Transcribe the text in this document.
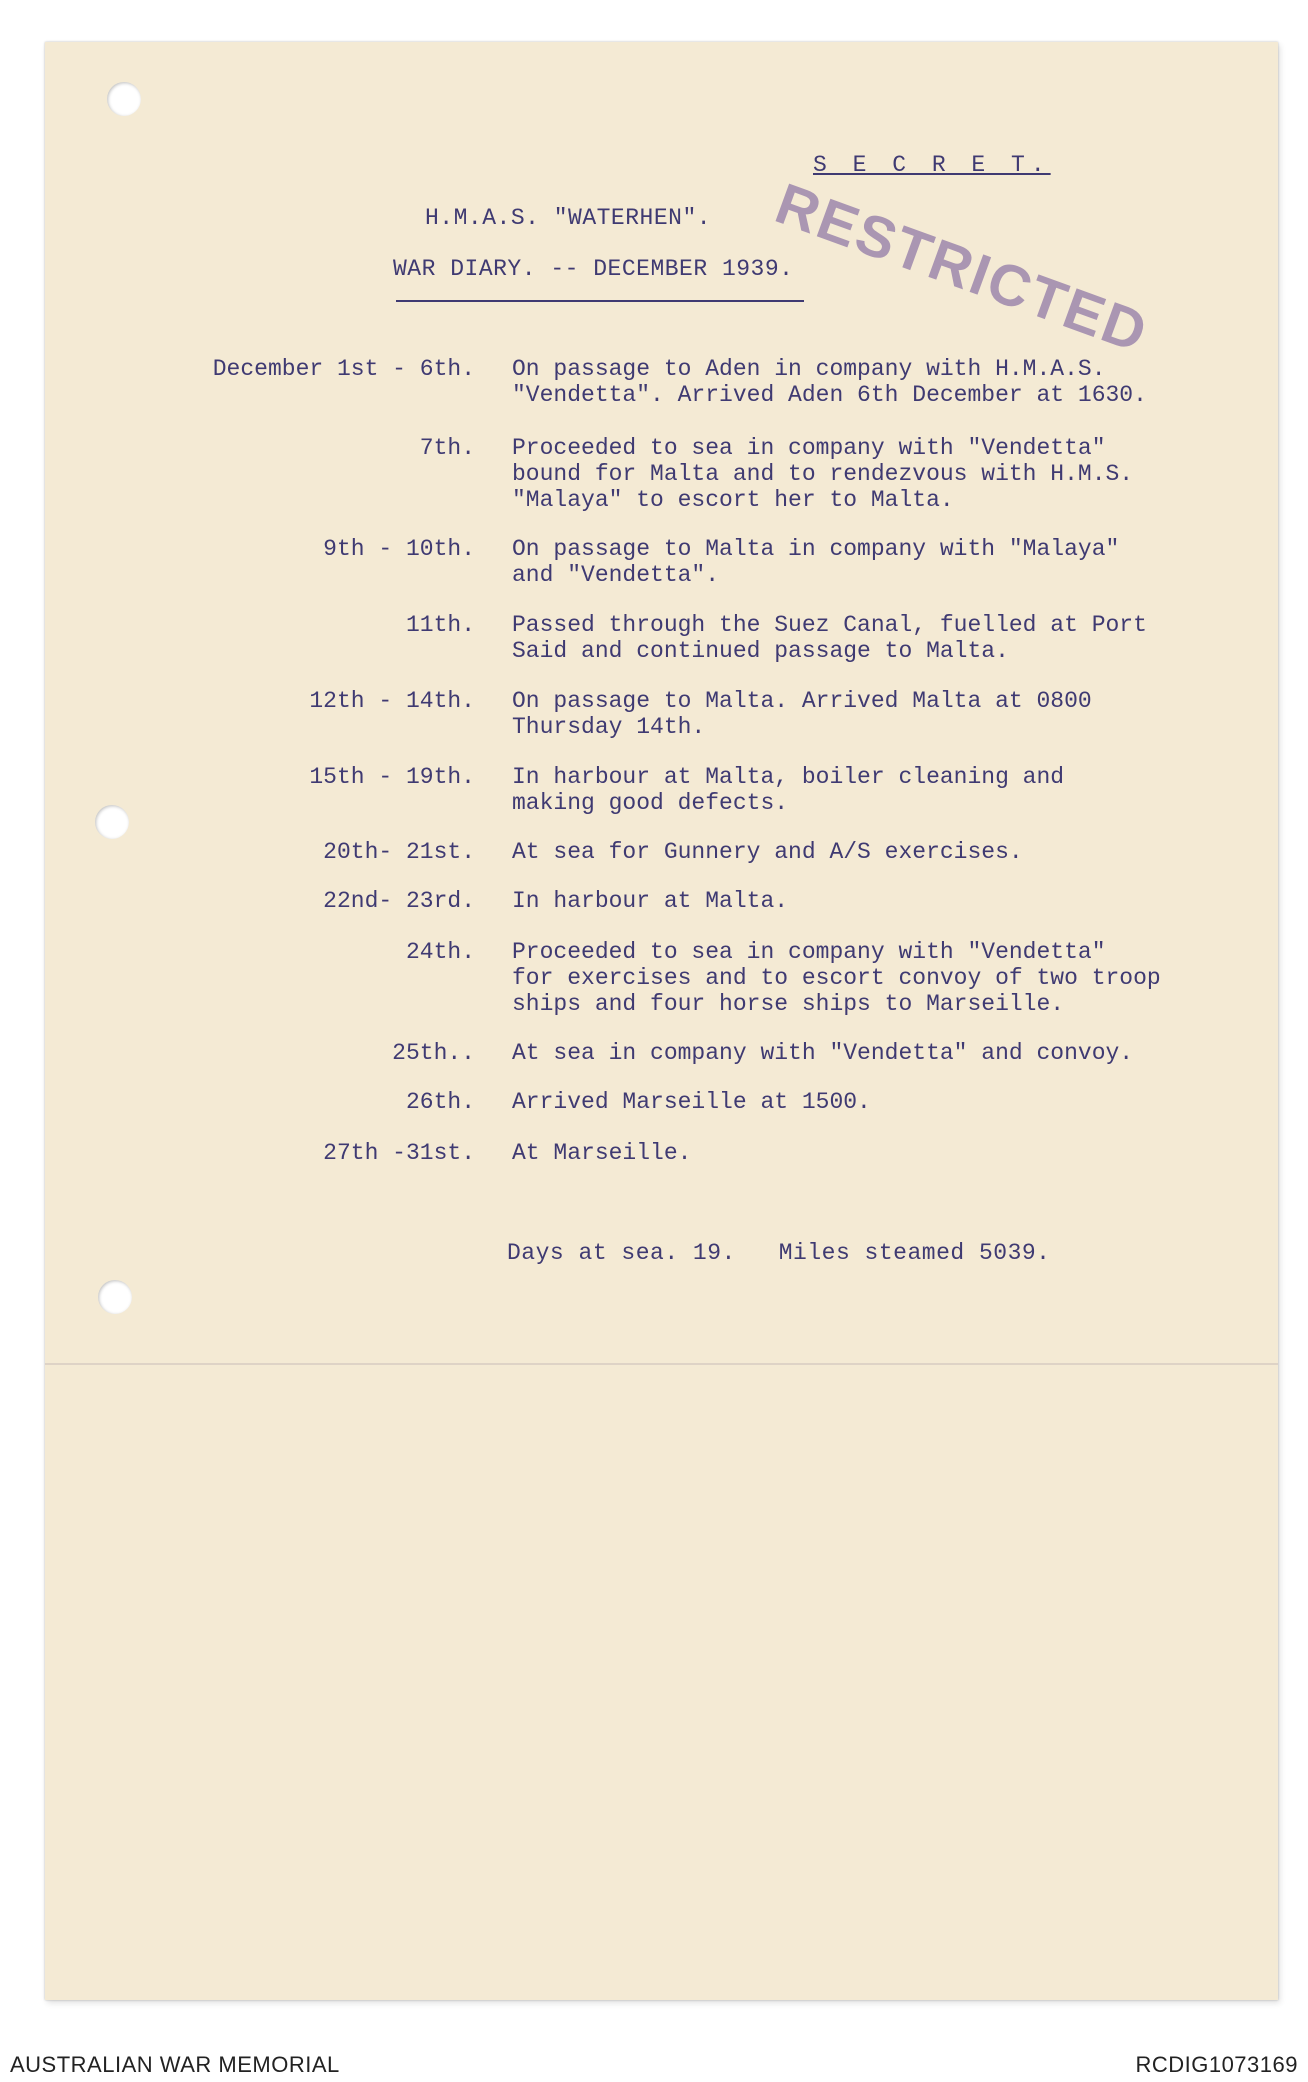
RESTRICTED
S E C R E T.
H.M.A.S. "WATERHEN".
WAR DIARY. -- DECEMBER 1939.
December 1st - 6th. On passage to Aden in company with H.M.A.S.
"Vendetta". Arrived Aden 6th December at 1630.
7th. Proceeded to sea in company with "Vendetta"
bound for Malta and to rendezvous with H.M.S.
"Malaya" to escort her to Malta.
9th - 10th. On passage to Malta in company with "Malaya"
and "Vendetta".
11th. Passed through the Suez Canal, fuelled at Port
Said and continued passage to Malta.
12th - 14th. On passage to Malta. Arrived Malta at 0800
Thursday 14th.
15th - 19th. In harbour at Malta, boiler cleaning and
making good defects.
20th- 21st. At sea for Gunnery and A/S exercises.
22nd- 23rd. In harbour at Malta.
24th. Proceeded to sea in company with "Vendetta"
for exercises and to escort convoy of two troop
ships and four horse ships to Marseille.
25th.. At sea in company with "Vendetta" and convoy.
26th. Arrived Marseille at 1500.
27th -31st. At Marseille.
Days at sea. 19.   Miles steamed 5039.
AUSTRALIAN WAR MEMORIAL	RCDIG1073169
